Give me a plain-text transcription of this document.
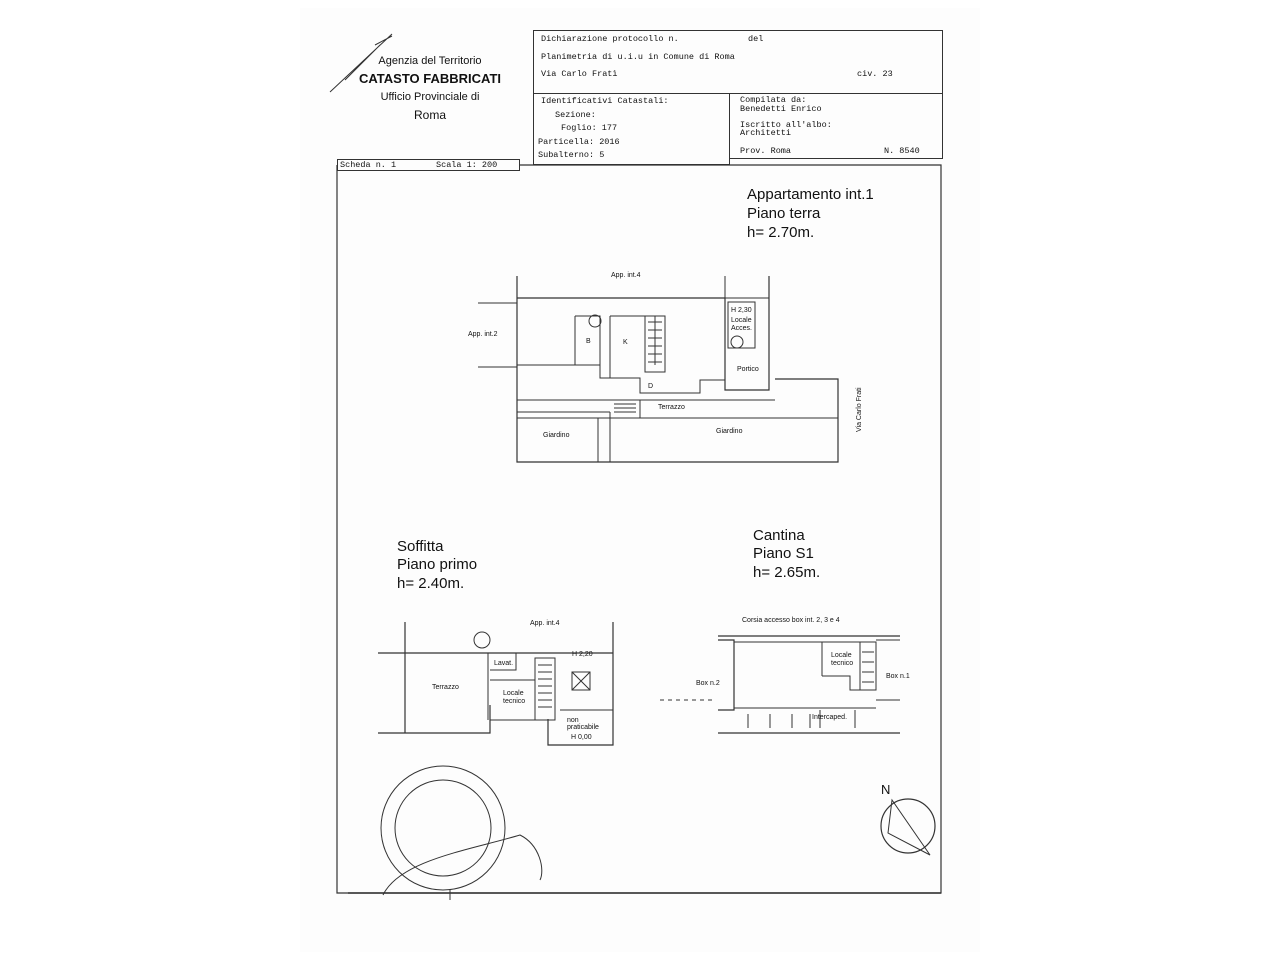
Agenzia del Territorio
CATASTO FABBRICATI
Ufficio Provinciale di
Roma
Dichiarazione protocollo n.	del
Planimetria di u.i.u in Comune di Roma
Via Carlo Fratì	civ. 23
Identificativi Catastali:
Sezione:
Foglio: 177
Particella: 2016
Subalterno: 5
Compilata da:
Benedetti Enrico
Iscritto all'albo:
Architetti
Prov. Roma	N. 8540
Scheda n. 1	Scala 1: 200
Appartamento int.1
Piano terra
h= 2.70m.
App. int.4
App. int.2
H 2,30
Locale
Acces.
B	K
D
Portico
Terrazzo
Giardino
Giardino	Via Carlo Frati
Soffitta
Piano primo
h= 2.40m.
App. int.4
H 2,20
Lavat.
Terrazzo
Locale
tecnico
non
praticabile
H 0,00
Cantina
Piano S1
h= 2.65m.
Corsia accesso box int. 2, 3 e 4
Locale
tecnico
Box n.2
Box n.1
Intercaped.
N
